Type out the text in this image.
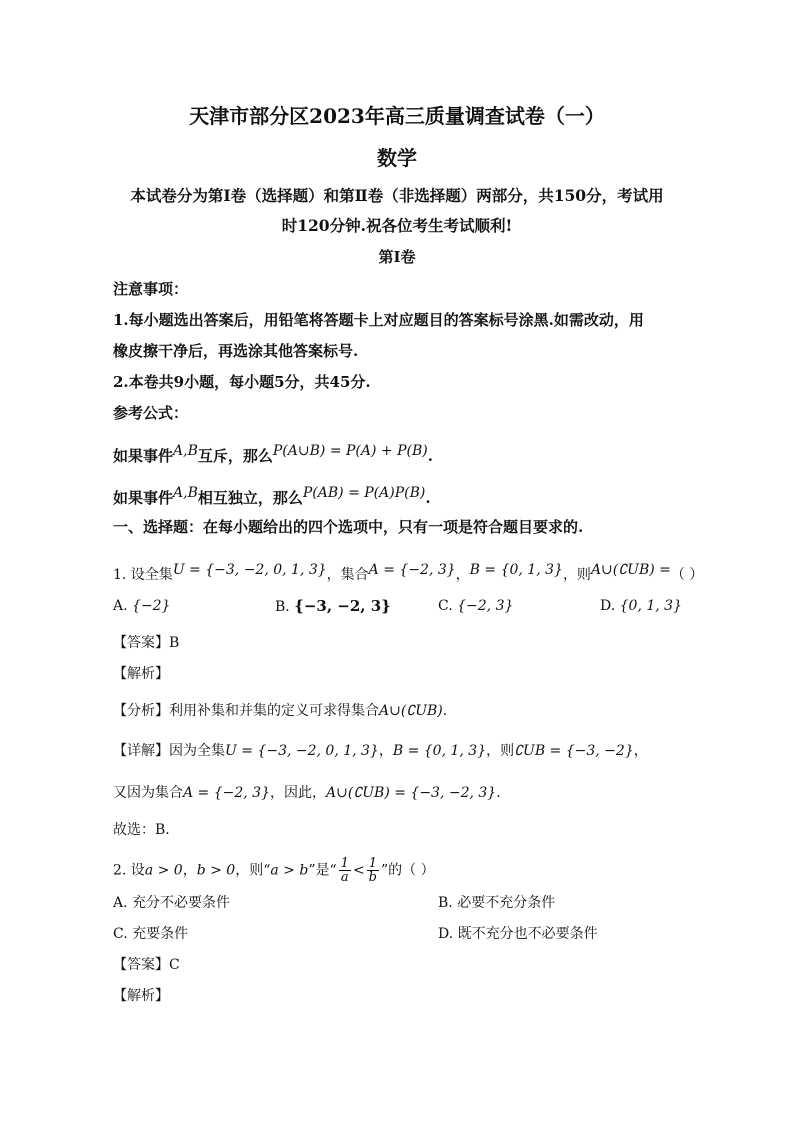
天津市部分区2023年高三质量调查试卷（一）
数学
本试卷分为第Ⅰ卷（选择题）和第Ⅱ卷（非选择题）两部分，共150分，考试用
时120分钟.祝各位考生考试顺利!
第Ⅰ卷
注意事项：
1.每小题选出答案后，用铅笔将答题卡上对应题目的答案标号涂黑.如需改动，用
橡皮擦干净后，再选涂其他答案标号.
2.本卷共9小题，每小题5分，共45分.
参考公式：
如果事件A,B互斥，那么P(A∪B) = P(A) + P(B).
如果事件A,B相互独立，那么P(AB) = P(A)P(B).
一、选择题：在每小题给出的四个选项中，只有一项是符合题目要求的.
1. 设全集U = {−3, −2, 0, 1, 3}，集合A = {−2, 3}，B = {0, 1, 3}，则A∪(∁UB) =（ ）
A. {−2}	B. {−3, −2, 3}	C. {−2, 3}	D. {0, 1, 3}
【答案】B
【解析】
【分析】利用补集和并集的定义可求得集合A∪(∁UB).
【详解】因为全集U = {−3, −2, 0, 1, 3}，B = {0, 1, 3}，则∁UB = {−3, −2}，
又因为集合A = {−2, 3}，因此，A∪(∁UB) = {−3, −2, 3}.
故选：B.
2. 设a > 0，b > 0，则“a > b”是“ $\frac{1}{a} < \frac{1}{b}$ ”的（ ）
A. 充分不必要条件	B. 必要不充分条件
C. 充要条件	D. 既不充分也不必要条件
【答案】C
【解析】
